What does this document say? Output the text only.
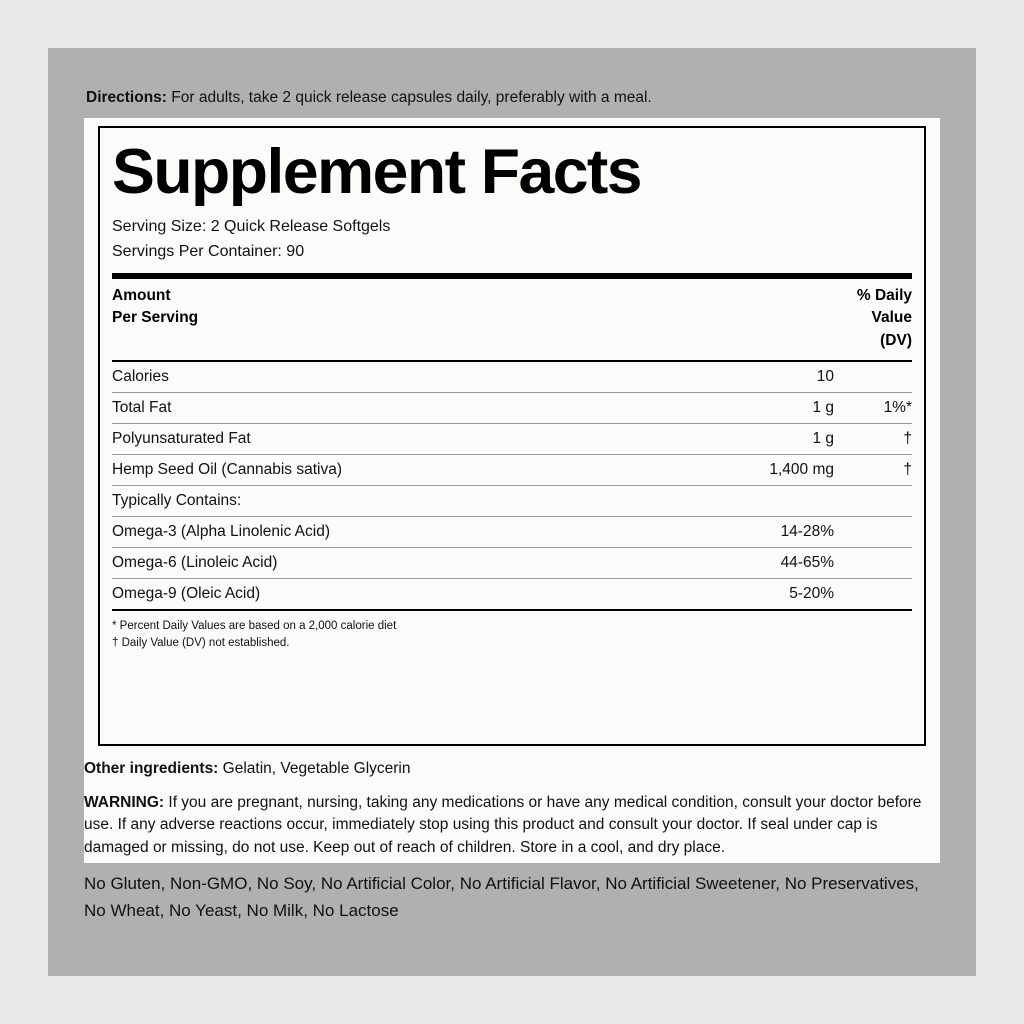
Directions: For adults, take 2 quick release capsules daily, preferably with a meal.
Supplement Facts
Serving Size: 2 Quick Release Softgels
Servings Per Container: 90
Amount
Per Serving
% Daily
Value
(DV)
Calories	10	
Total Fat	1 g	1%*
Polyunsaturated Fat	1 g	†
Hemp Seed Oil (Cannabis sativa)	1,400 mg	†
Typically Contains:		
Omega-3 (Alpha Linolenic Acid)	14-28%	
Omega-6 (Linoleic Acid)	44-65%	
Omega-9 (Oleic Acid)	5-20%	
* Percent Daily Values are based on a 2,000 calorie diet
† Daily Value (DV) not established.
Other ingredients: Gelatin, Vegetable Glycerin
WARNING: If you are pregnant, nursing, taking any medications or have any medical condition, consult your doctor before use. If any adverse reactions occur, immediately stop using this product and consult your doctor. If seal under cap is damaged or missing, do not use. Keep out of reach of children. Store in a cool, and dry place.
No Gluten, Non-GMO, No Soy, No Artificial Color, No Artificial Flavor, No Artificial Sweetener, No Preservatives, No Wheat, No Yeast, No Milk, No Lactose
